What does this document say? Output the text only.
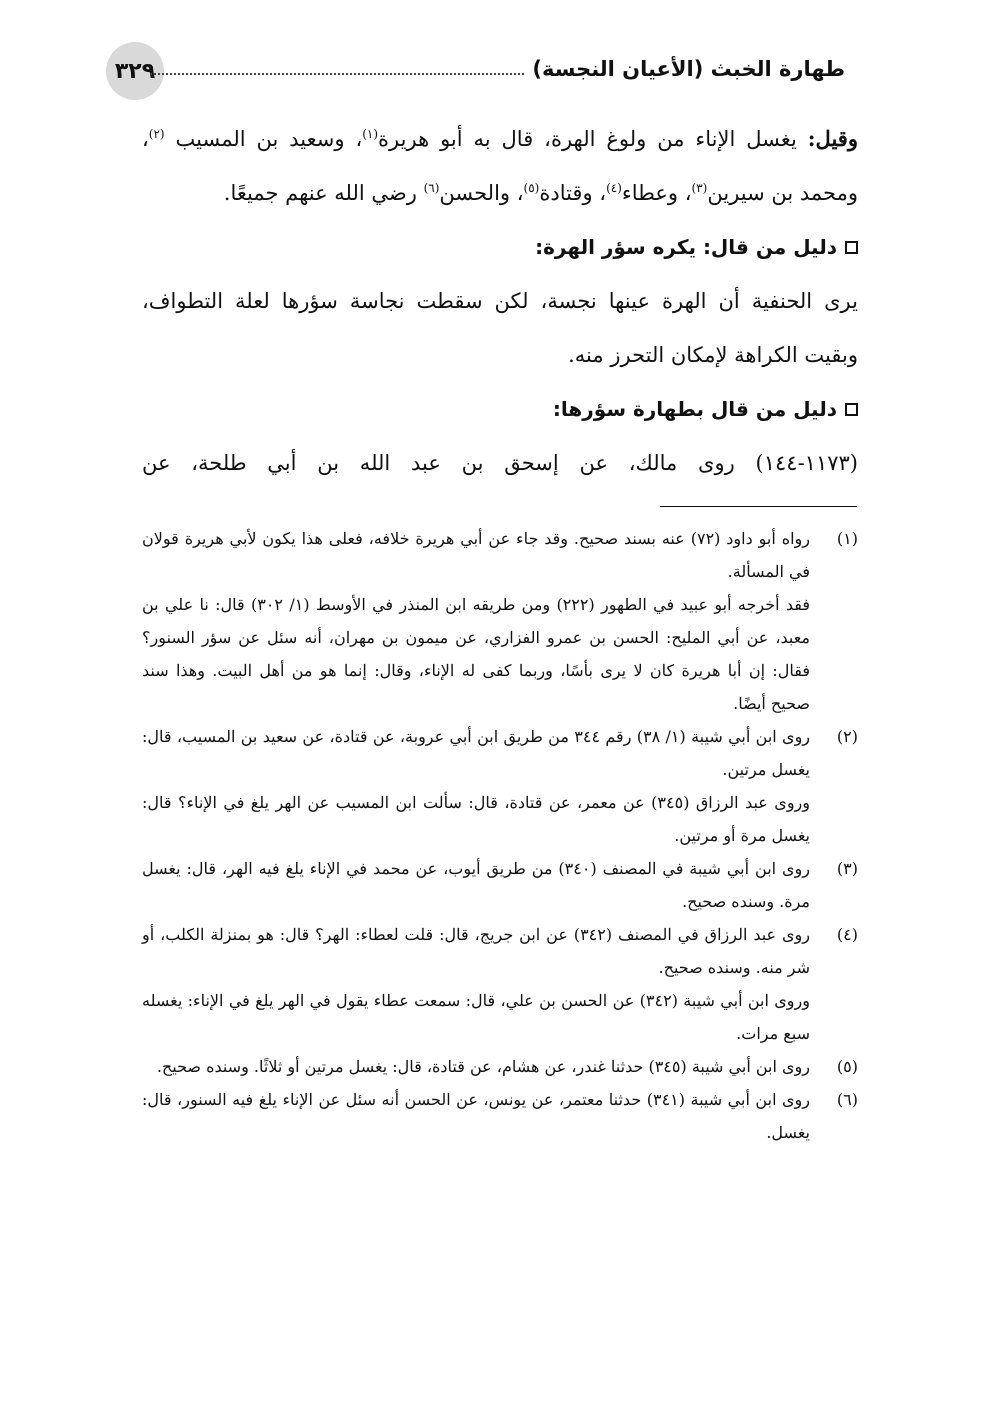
٣٢٩	طهارة الخبث (الأعيان النجسة)

وقيل: يغسل الإناء من ولوغ الهرة، قال به أبو هريرة$^{(١)}$، وسعيد بن المسيب $^{(٢)}$، ومحمد بن سيرين$^{(٣)}$، وعطاء$^{(٤)}$، وقتادة$^{(٥)}$، والحسن$^{(٦)}$ رضي الله عنهم جميعًا.

دليل من قال: يكره سؤر الهرة:

يرى الحنفية أن الهرة عينها نجسة، لكن سقطت نجاسة سؤرها لعلة التطواف، وبقيت الكراهة لإمكان التحرز منه.

دليل من قال بطهارة سؤرها:

(١١٧٣-١٤٤) روى مالك، عن إسحق بن عبد الله بن أبي طلحة، عن

(١)

رواه أبو داود (٧٢) عنه بسند صحيح. وقد جاء عن أبي هريرة خلافه، فعلى هذا يكون لأبي هريرة قولان في المسألة.

فقد أخرجه أبو عبيد في الطهور (٢٢٢) ومن طريقه ابن المنذر في الأوسط (١/ ٣٠٢) قال: نا علي بن معبد، عن أبي المليح: الحسن بن عمرو الفزاري، عن ميمون بن مهران، أنه سئل عن سؤر السنور؟ فقال: إن أبا هريرة كان لا يرى بأسًا، وربما كفى له الإناء، وقال: إنما هو من أهل البيت. وهذا سند صحيح أيضًا.

(٢)

روى ابن أبي شيبة (١/ ٣٨) رقم ٣٤٤ من طريق ابن أبي عروبة، عن قتادة، عن سعيد بن المسيب، قال: يغسل مرتين.

وروى عبد الرزاق (٣٤٥) عن معمر، عن قتادة، قال: سألت ابن المسيب عن الهر يلغ في الإناء؟ قال: يغسل مرة أو مرتين.

(٣)

روى ابن أبي شيبة في المصنف (٣٤٠) من طريق أيوب، عن محمد في الإناء يلغ فيه الهر، قال: يغسل مرة. وسنده صحيح.

(٤)

روى عبد الرزاق في المصنف (٣٤٢) عن ابن جريج، قال: قلت لعطاء: الهر؟ قال: هو بمنزلة الكلب، أو شر منه. وسنده صحيح.

وروى ابن أبي شيبة (٣٤٢) عن الحسن بن علي، قال: سمعت عطاء يقول في الهر يلغ في الإناء: يغسله سبع مرات.

(٥)

روى ابن أبي شيبة (٣٤٥) حدثنا غندر، عن هشام، عن قتادة، قال: يغسل مرتين أو ثلاثًا. وسنده صحيح.

(٦)

روى ابن أبي شيبة (٣٤١) حدثنا معتمر، عن يونس، عن الحسن أنه سئل عن الإناء يلغ فيه السنور، قال: يغسل.
